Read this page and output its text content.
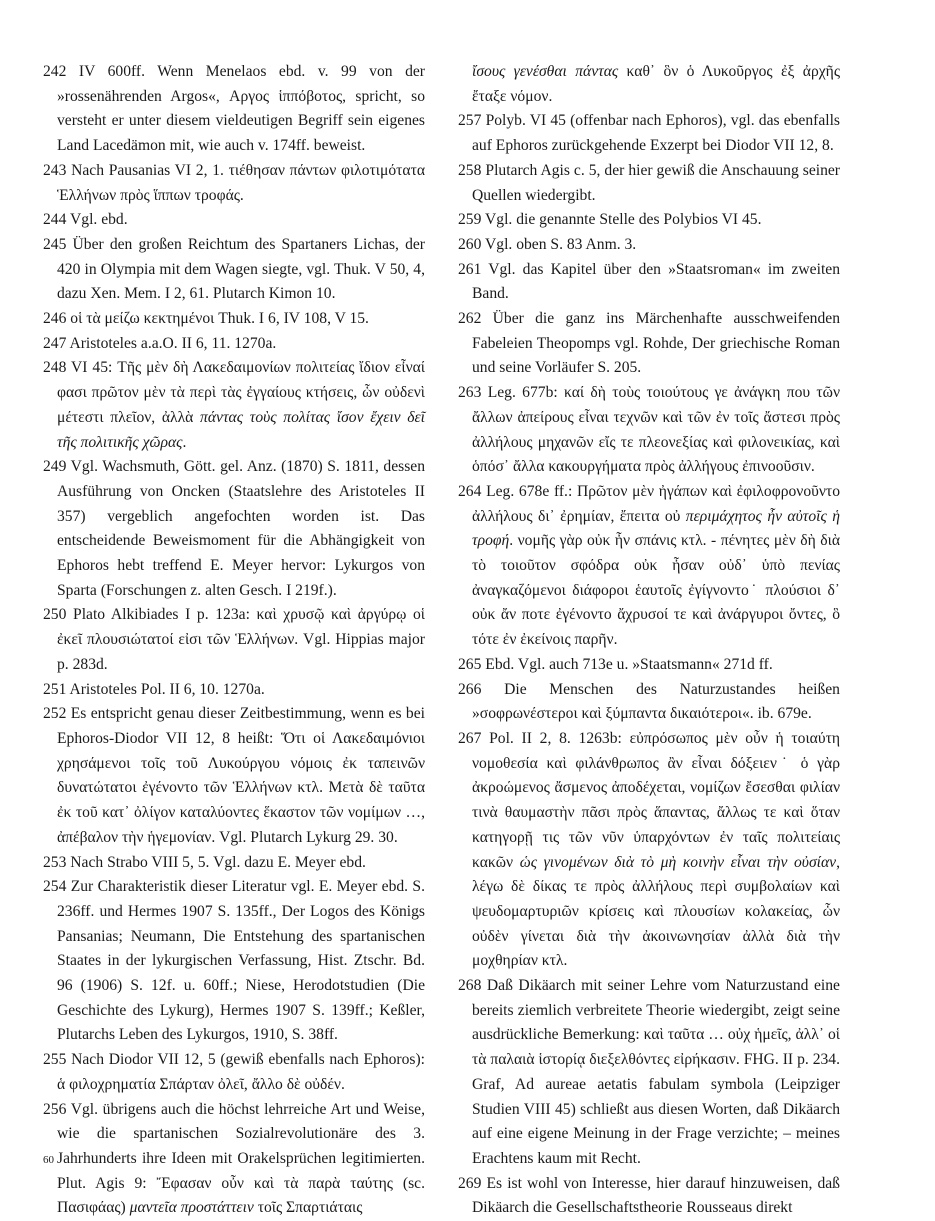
242 IV 600ff. Wenn Menelaos ebd. v. 99 von der »rossenährenden Argos«, Αργος ἱππόβοτος, spricht, so versteht er unter diesem vieldeutigen Begriff sein eigenes Land Lacedämon mit, wie auch v. 174ff. beweist.

243 Nach Pausanias VI 2, 1. τιέθησαν πάντων φιλοτιμότατα Ἑλλήνων πρὸς ἵππων τροφάς.

244 Vgl. ebd.

245 Über den großen Reichtum des Spartaners Lichas, der 420 in Olympia mit dem Wagen siegte, vgl. Thuk. V 50, 4, dazu Xen. Mem. I 2, 61. Plutarch Kimon 10.

246 οἱ τὰ μείζω κεκτημένοι Thuk. I 6, IV 108, V 15.

247 Aristoteles a.a.O. II 6, 11. 1270a.

248 VI 45: Τῆς μὲν δὴ Λακεδαιμονίων πολιτείας ἴδιον εἶναί φασι πρῶτον μὲν τὰ περὶ τὰς ἐγγαίους κτήσεις, ὧν οὐδενὶ μέτεστι πλεῖον, ἀλλὰ πάντας τοὺς πολίτας ἴσον ἔχειν δεῖ τῆς πολιτικῆς χῶρας.

249 Vgl. Wachsmuth, Gött. gel. Anz. (1870) S. 1811, dessen Ausführung von Oncken (Staatslehre des Aristoteles II 357) vergeblich angefochten worden ist. Das entscheidende Beweismoment für die Abhängigkeit von Ephoros hebt treffend E. Meyer hervor: Lykurgos von Sparta (Forschungen z. alten Gesch. I 219f.).

250 Plato Alkibiades I p. 123a: καὶ χρυσῷ καὶ ἀργύρῳ οἱ ἐκεῖ πλουσιώτατοί εἰσι τῶν Ἑλλήνων. Vgl. Hippias major p. 283d.

251 Aristoteles Pol. II 6, 10. 1270a.

252 Es entspricht genau dieser Zeitbestimmung, wenn es bei Ephoros-Diodor VII 12, 8 heißt: Ὅτι οἱ Λακεδαιμόνιοι χρησάμενοι τοῖς τοῦ Λυκούργου νόμοις ἐκ ταπεινῶν δυνατώτατοι ἐγένοντο τῶν Ἑλλήνων κτλ. Μετὰ δὲ ταῦτα ἐκ τοῦ κατ᾽ ὀλίγον καταλύοντες ἕκαστον τῶν νομίμων …, ἀπέβαλον τὴν ἡγεμονίαν. Vgl. Plutarch Lykurg 29. 30.

253 Nach Strabo VIII 5, 5. Vgl. dazu E. Meyer ebd.

254 Zur Charakteristik dieser Literatur vgl. E. Meyer ebd. S. 236ff. und Hermes 1907 S. 135ff., Der Logos des Königs Pansanias; Neumann, Die Entstehung des spartanischen Staates in der lykurgischen Verfassung, Hist. Ztschr. Bd. 96 (1906) S. 12f. u. 60ff.; Niese, Herodotstudien (Die Geschichte des Lykurg), Hermes 1907 S. 139ff.; Keßler, Plutarchs Leben des Lykurgos, 1910, S. 38ff.

255 Nach Diodor VII 12, 5 (gewiß ebenfalls nach Ephoros): ἁ φιλοχρηματία Σπάρταν ὀλεῖ, ἄλλο δὲ οὐδέν.

256 Vgl. übrigens auch die höchst lehrreiche Art und Weise, wie die spartanischen Sozialrevolutionäre des 3. Jahrhunderts ihre Ideen mit Orakelsprüchen legitimierten. Plut. Agis 9: Ἔφασαν οὖν καὶ τὰ παρὰ ταύτης (sc. Πασιφάας) μαντεῖα προστάττειν τοῖς Σπαρτιάταις

ἴσους γενέσθαι πάντας καθ᾽ ὃν ὁ Λυκοῦργος ἐξ ἀρχῆς ἔταξε νόμον.

257 Polyb. VI 45 (offenbar nach Ephoros), vgl. das ebenfalls auf Ephoros zurückgehende Exzerpt bei Diodor VII 12, 8.

258 Plutarch Agis c. 5, der hier gewiß die Anschauung seiner Quellen wiedergibt.

259 Vgl. die genannte Stelle des Polybios VI 45.

260 Vgl. oben S. 83 Anm. 3.

261 Vgl. das Kapitel über den »Staatsroman« im zweiten Band.

262 Über die ganz ins Märchenhafte ausschweifenden Fabeleien Theopomps vgl. Rohde, Der griechische Roman und seine Vorläufer S. 205.

263 Leg. 677b: καί δὴ τοὺς τοιούτους γε ἀνάγκη που τῶν ἄλλων ἀπείρους εἶναι τεχνῶν καὶ τῶν ἐν τοῖς ἄστεσι πρὸς ἀλλήλους μηχανῶν εἴς τε πλεονεξίας καὶ φιλονεικίας, καὶ ὁπόσ᾽ ἄλλα κακουργήματα πρὸς ἀλλήγους ἐπινοοῦσιν.

264 Leg. 678e ff.: Πρῶτον μὲν ἠγάπων καὶ ἐφιλοφρονοῦντο ἀλλήλους δι᾽ ἐρημίαν, ἔπειτα οὐ περιμάχητος ἦν αὐτοῖς ἡ τροφή. νομῆς γὰρ οὐκ ἦν σπάνις κτλ. - πένητες μὲν δὴ διὰ τὸ τοιοῦτον σφόδρα οὐκ ἦσαν οὐδ᾽ ὑπὸ πενίας ἀναγκαζόμενοι διάφοροι ἑαυτοῖς ἐγίγνοντο˙ πλούσιοι δ᾽ οὐκ ἄν ποτε ἐγένοντο ἄχρυσοί τε καὶ ἀνάργυροι ὄντες, ὃ τότε ἐν ἐκείνοις παρῆν.

265 Ebd. Vgl. auch 713e u. »Staatsmann« 271d ff.

266 Die Menschen des Naturzustandes heißen »σοφρωνέστεροι καὶ ξύμπαντα δικαιότεροι«. ib. 679e.

267 Pol. II 2, 8. 1263b: εὐπρόσωπος μὲν οὖν ἡ τοιαύτη νομοθεσία καὶ φιλάνθρωπος ἂν εἶναι δόξειεν˙ ὁ γὰρ ἀκροώμενος ἄσμενος ἀποδέχεται, νομίζων ἔσεσθαι φιλίαν τινὰ θαυμαστὴν πᾶσι πρὸς ἅπαντας, ἄλλως τε καὶ ὅταν κατηγορῇ τις τῶν νῦν ὑπαρχόντων ἐν ταῖς πολιτείαις κακῶν ὡς γινομένων διὰ τὸ μὴ κοινὴν εἶναι τὴν οὐσίαν, λέγω δὲ δίκας τε πρὸς ἀλλήλους περὶ συμβολαίων καὶ ψευδομαρτυριῶν κρίσεις καὶ πλουσίων κολακείας, ὧν οὐδὲν γίνεται διὰ τὴν ἀκοινωνησίαν ἀλλὰ διὰ τὴν μοχθηρίαν κτλ.

268 Daß Dikäarch mit seiner Lehre vom Naturzustand eine bereits ziemlich verbreitete Theorie wiedergibt, zeigt seine ausdrückliche Bemerkung: καὶ ταῦτα … οὐχ ἡμεῖς, ἀλλ᾽ οἱ τὰ παλαιὰ ἱστορίᾳ διεξελθόντες εἰρήκασιν. FHG. II p. 234. Graf, Ad aureae aetatis fabulam symbola (Leipziger Studien VIII 45) schließt aus diesen Worten, daß Dikäarch auf eine eigene Meinung in der Frage verzichte; – meines Erachtens kaum mit Recht.

269 Es ist wohl von Interesse, hier darauf hinzuweisen, daß Dikäarch die Gesellschaftstheorie Rousseaus direkt

60
